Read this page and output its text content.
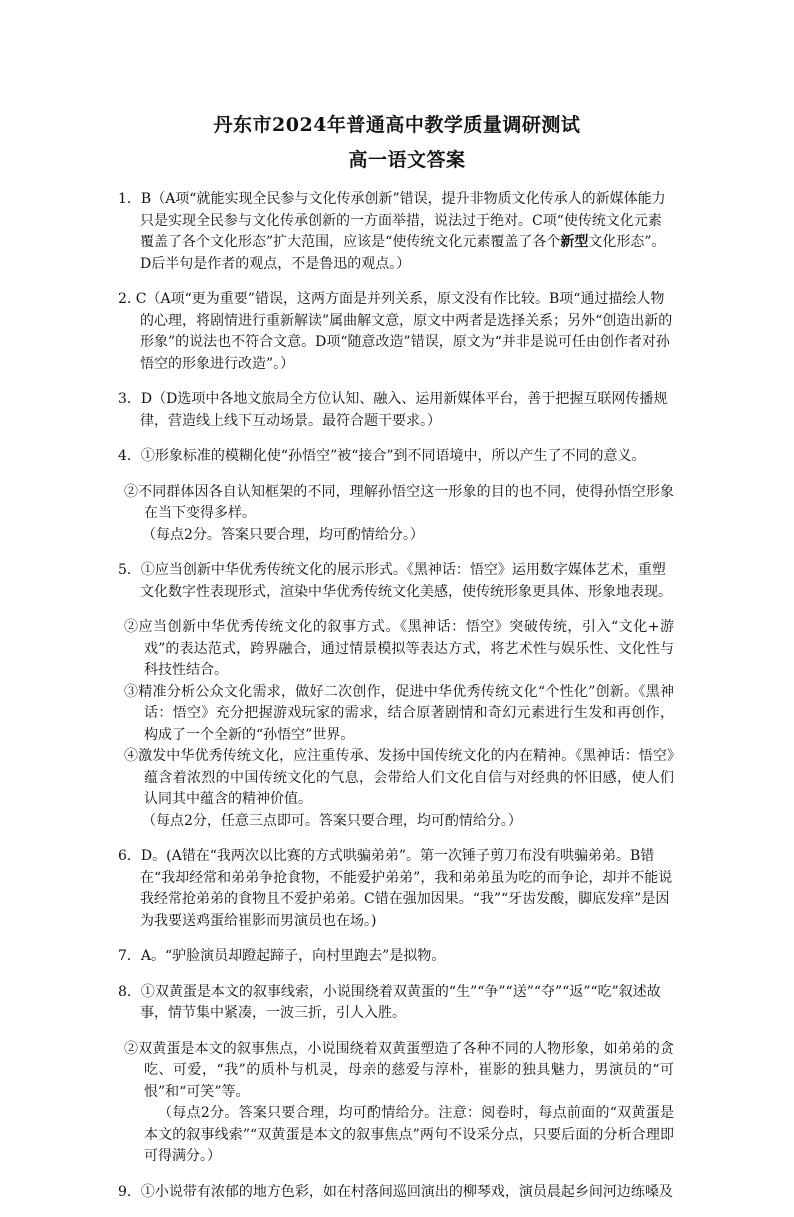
丹东市2024年普通高中教学质量调研测试
高一语文答案

1．B（A项“就能实现全民参与文化传承创新”错误，提升非物质文化传承人的新媒体能力只是实现全民参与文化传承创新的一方面举措，说法过于绝对。C项“使传统文化元素覆盖了各个文化形态”扩大范围，应该是“使传统文化元素覆盖了各个新型文化形态”。D后半句是作者的观点，不是鲁迅的观点。）

2. C（A项“更为重要”错误，这两方面是并列关系，原文没有作比较。B项“通过描绘人物的心理，将剧情进行重新解读”属曲解文意，原文中两者是选择关系；另外“创造出新的形象”的说法也不符合文意。D项“随意改造”错误，原文为“并非是说可任由创作者对孙悟空的形象进行改造”。）

3．D（D选项中各地文旅局全方位认知、融入、运用新媒体平台，善于把握互联网传播规律，营造线上线下互动场景。最符合题干要求。）

4．①形象标准的模糊化使“孙悟空”被“接合”到不同语境中，所以产生了不同的意义。

②不同群体因各自认知框架的不同，理解孙悟空这一形象的目的也不同，使得孙悟空形象在当下变得多样。

（每点2分。答案只要合理，均可酌情给分。）

5．①应当创新中华优秀传统文化的展示形式。《黑神话：悟空》运用数字媒体艺术，重塑文化数字性表现形式，渲染中华优秀传统文化美感，使传统形象更具体、形象地表现。

②应当创新中华优秀传统文化的叙事方式。《黑神话：悟空》突破传统，引入“文化+游戏”的表达范式，跨界融合，通过情景模拟等表达方式，将艺术性与娱乐性、文化性与科技性结合。

③精准分析公众文化需求，做好二次创作，促进中华优秀传统文化“个性化”创新。《黑神话：悟空》充分把握游戏玩家的需求，结合原著剧情和奇幻元素进行生发和再创作，构成了一个全新的“孙悟空”世界。

④激发中华优秀传统文化，应注重传承、发扬中国传统文化的内在精神。《黑神话：悟空》蕴含着浓烈的中国传统文化的气息，会带给人们文化自信与对经典的怀旧感，使人们认同其中蕴含的精神价值。

（每点2分，任意三点即可。答案只要合理，均可酌情给分。）

6．D。(A错在“我两次以比赛的方式哄骗弟弟”。第一次锤子剪刀布没有哄骗弟弟。B错在“我却经常和弟弟争抢食物，不能爱护弟弟”，我和弟弟虽为吃的而争论，却并不能说我经常抢弟弟的食物且不爱护弟弟。C错在强加因果。“我”“牙齿发酸，脚底发痒”是因为我要送鸡蛋给崔影而男演员也在场。)

7．A。“驴脸演员却蹬起蹄子，向村里跑去”是拟物。

8．①双黄蛋是本文的叙事线索，小说围绕着双黄蛋的“生”“争”“送”“夺”“返”“吃”叙述故事，情节集中紧凑，一波三折，引人入胜。

②双黄蛋是本文的叙事焦点，小说围绕着双黄蛋塑造了各种不同的人物形象，如弟弟的贪吃、可爱，“我”的质朴与机灵，母亲的慈爱与淳朴，崔影的独具魅力，男演员的“可恨”和“可笑”等。

（每点2分。答案只要合理，均可酌情给分。注意：阅卷时，每点前面的“双黄蛋是本文的叙事线索”“双黄蛋是本文的叙事焦点”两句不设采分点，只要后面的分析合理即可得满分。）

9．①小说带有浓郁的地方色彩，如在村落间巡回演出的柳琴戏，演员晨起乡间河边练嗓及
